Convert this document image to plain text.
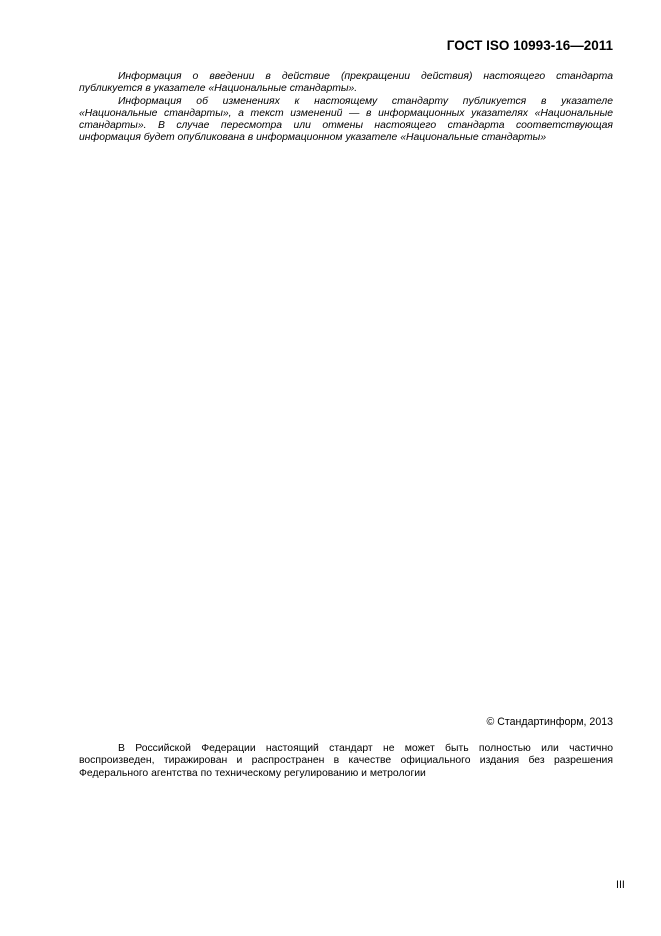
ГОСТ ISO 10993-16—2011
Информация о введении в действие (прекращении действия) настоящего стандарта
публикуется в указателе «Национальные стандарты».
Информация об изменениях к настоящему стандарту публикуется в указателе
«Национальные стандарты», а текст изменений — в информационных указателях «Национальные
стандарты». В случае пересмотра или отмены настоящего стандарта соответствующая
информация будет опубликована в информационном указателе «Национальные стандарты»
© Стандартинформ, 2013
В Российской Федерации настоящий стандарт не может быть полностью или частично
воспроизведен, тиражирован и распространен в качестве официального издания без разрешения
Федерального агентства по техническому регулированию и метрологии
III
